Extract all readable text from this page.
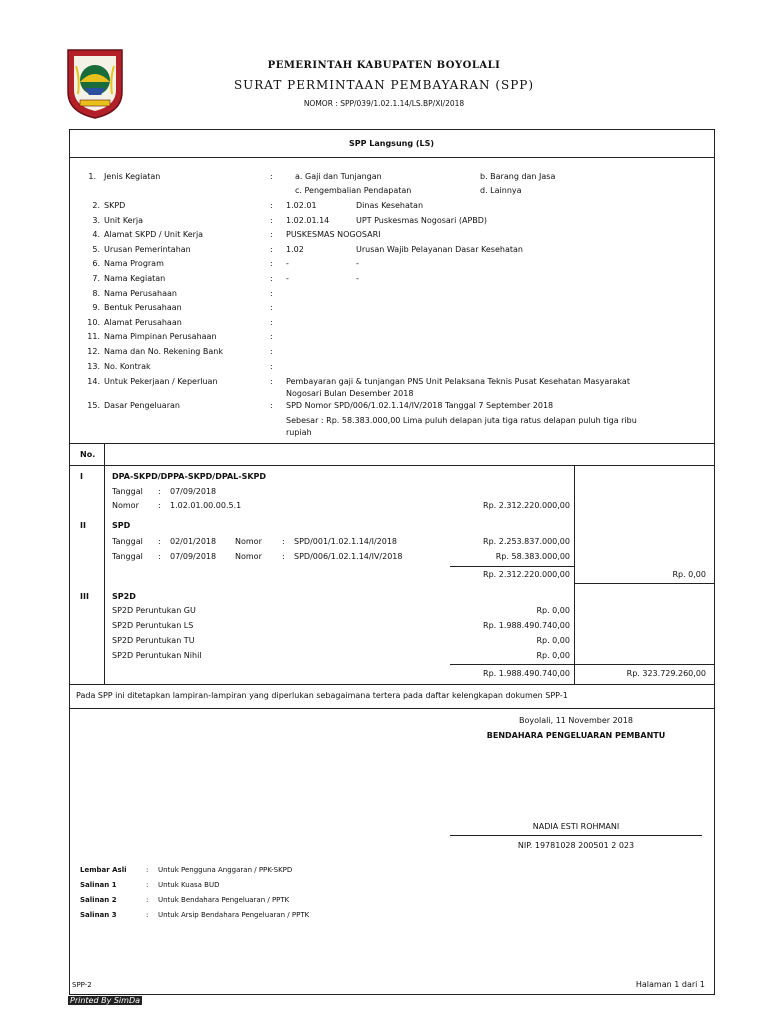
PEMERINTAH KABUPATEN BOYOLALI
SURAT PERMINTAAN PEMBAYARAN (SPP)
NOMOR : SPP/039/1.02.1.14/LS.BP/XI/2018
SPP Langsung (LS)
1. Jenis Kegiatan	:	a. Gaji dan Tunjangan	b. Barang dan Jasa
c. Pengembalian Pendapatan	d. Lainnya
2. SKPD	: 1.02.01	Dinas Kesehatan
3. Unit Kerja	: 1.02.01.14	UPT Puskesmas Nogosari (APBD)
4. Alamat SKPD / Unit Kerja	: PUSKESMAS NOGOSARI
5. Urusan Pemerintahan	: 1.02	Urusan Wajib Pelayanan Dasar Kesehatan
6. Nama Program	: -	-
7. Nama Kegiatan	: -	-
8. Nama Perusahaan	:
9. Bentuk Perusahaan	:
10. Alamat Perusahaan	:
11. Nama Pimpinan Perusahaan	:
12. Nama dan No. Rekening Bank	:
13. No. Kontrak	:
14. Untuk Pekerjaan / Keperluan	: Pembayaran gaji & tunjangan PNS Unit Pelaksana Teknis Pusat Kesehatan Masyarakat
Nogosari Bulan Desember 2018
15. Dasar Pengeluaran	: SPD Nomor SPD/006/1.02.1.14/IV/2018 Tanggal 7 September 2018
Sebesar : Rp. 58.383.000,00 Lima puluh delapan juta tiga ratus delapan puluh tiga ribu
rupiah
No.
I	DPA-SKPD/DPPA-SKPD/DPAL-SKPD
Tanggal : 07/09/2018
Nomor : 1.02.01.00.00.5.1	Rp. 2.312.220.000,00
II	SPD
Tanggal : 02/01/2018 Nomor	: SPD/001/1.02.1.14/I/2018	Rp. 2.253.837.000,00
Tanggal : 07/09/2018 Nomor	: SPD/006/1.02.1.14/IV/2018	Rp. 58.383.000,00
Rp. 2.312.220.000,00	Rp. 0,00
III	SP2D
SP2D Peruntukan GU	Rp. 0,00
SP2D Peruntukan LS	Rp. 1.988.490.740,00
SP2D Peruntukan TU	Rp. 0,00
SP2D Peruntukan Nihil	Rp. 0,00
Rp. 1.988.490.740,00	Rp. 323.729.260,00
Pada SPP ini ditetapkan lampiran-lampiran yang diperlukan sebagaimana tertera pada daftar kelengkapan dokumen SPP-1
Boyolali, 11 November 2018
BENDAHARA PENGELUARAN PEMBANTU
NADIA ESTI ROHMANI
NIP. 19781028 200501 2 023
Lembar Asli	: Untuk Pengguna Anggaran / PPK-SKPD
Salinan 1	: Untuk Kuasa BUD
Salinan 2	: Untuk Bendahara Pengeluaran / PPTK
Salinan 3	: Untuk Arsip Bendahara Pengeluaran / PPTK
SPP-2	Halaman 1 dari 1
Printed By SimDa
